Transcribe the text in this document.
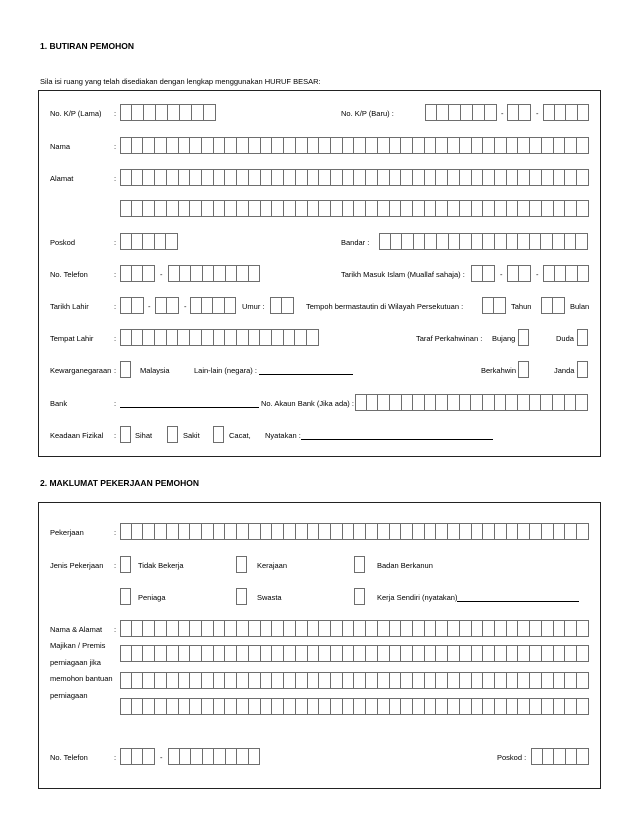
1. BUTIRAN PEMOHON
Sila isi ruang yang telah disediakan dengan lengkap menggunakan HURUF BESAR:
No. K/P (Lama) :	No. K/P (Baru) :	-	-
Nama	:
Alamat	:
Poskod	:	Bandar :
No. Telefon	:	-	Tarikh Masuk Islam (Muallaf sahaja) :	-	-
Tarikh Lahir	:	-	-	Umur :	Tempoh bermastautin di Wilayah Persekutuan :	Tahun	Bulan
Tempat Lahir	:	Taraf Perkahwinan : Bujang	Duda
Kewarganegaraan :	Malaysia	Lain-lain (negara) :	Berkahwin	Janda
Bank	:	No. Akaun Bank (Jika ada) :
Keadaan Fizikal :	Sihat	Sakit	Cacat, Nyatakan :
2. MAKLUMAT PEKERJAAN PEMOHON
Pekerjaan	:
Jenis Pekerjaan :	Tidak Bekerja	Kerajaan	Badan Berkanun
Peniaga	Swasta	Kerja Sendiri (nyatakan)
Nama & Alamat
Majikan / Premis
perniagaan jika
memohon bantuan
perniagaan
:
No. Telefon	:	-	Poskod :
